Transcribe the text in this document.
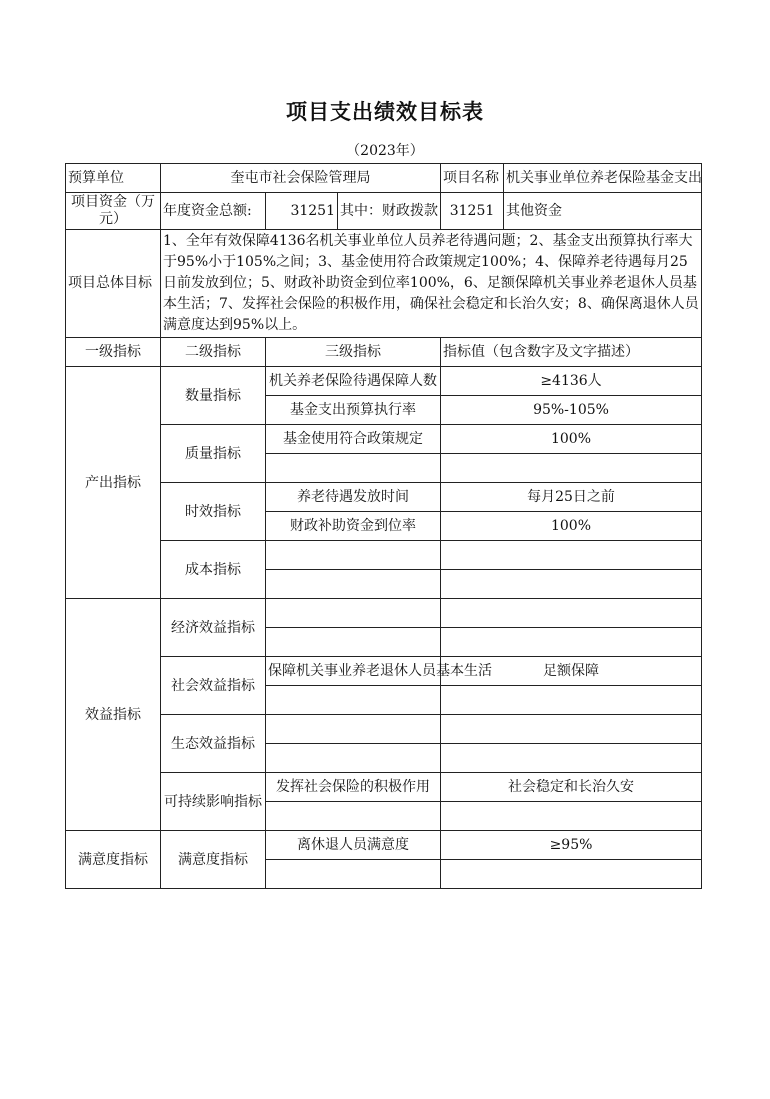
项目支出绩效目标表
（2023年）
预算单位	奎屯市社会保险管理局			项目名称	机关事业单位养老保险基金支出
项目资金（万元）	年度资金总额:	31251	其中：财政拨款	31251	其他资金
项目总体目标	1、全年有效保障4136名机关事业单位人员养老待遇问题；2、基金支出预算执行率大于95%小于105%之间；3、基金使用符合政策规定100%；4、保障养老待遇每月25日前发放到位；5、财政补助资金到位率100%，6、足额保障机关事业养老退休人员基本生活；7、发挥社会保险的积极作用，确保社会稳定和长治久安；8、确保离退休人员满意度达到95%以上。				
一级指标	二级指标	三级指标		指标值（包含数字及文字描述）	
产出指标	数量指标	机关养老保险待遇保障人数		≥4136人	
		基金支出预算执行率		95%-105%	
	质量指标	基金使用符合政策规定		100%	

	时效指标	养老待遇发放时间		每月25日之前	
		财政补助资金到位率		100%	
	成本指标				

效益指标	经济效益指标				

	社会效益指标	保障机关事业养老退休人员基本生活		足额保障	

	生态效益指标				

	可持续影响指标	发挥社会保险的积极作用		社会稳定和长治久安	

满意度指标	满意度指标	离休退人员满意度		≥95%	
